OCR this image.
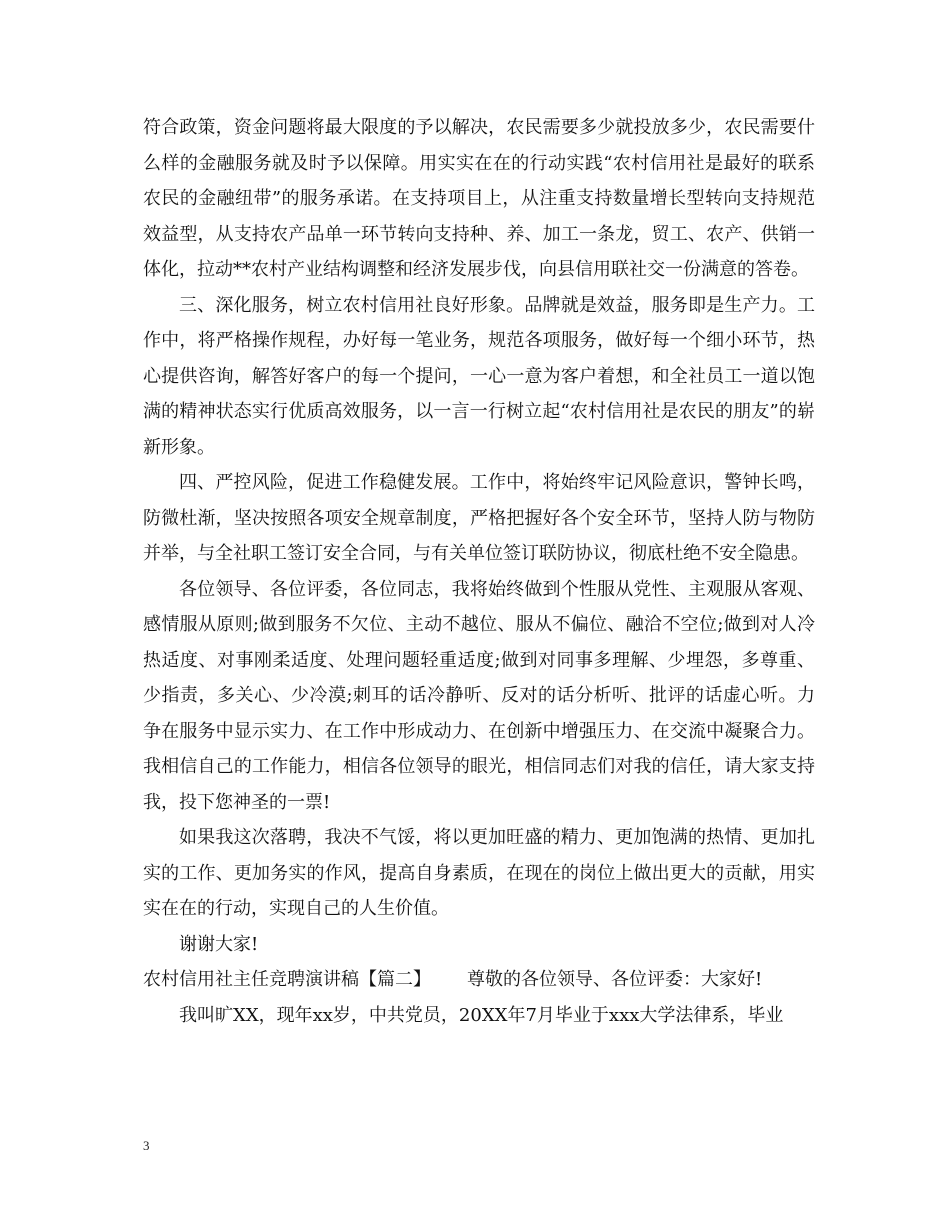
符合政策，资金问题将最大限度的予以解决，农民需要多少就投放多少，农民需要什么样的金融服务就及时予以保障。用实实在在的行动实践“农村信用社是最好的联系农民的金融纽带”的服务承诺。在支持项目上，从注重支持数量增长型转向支持规范效益型，从支持农产品单一环节转向支持种、养、加工一条龙，贸工、农产、供销一体化，拉动**农村产业结构调整和经济发展步伐，向县信用联社交一份满意的答卷。

三、深化服务，树立农村信用社良好形象。品牌就是效益，服务即是生产力。工作中，将严格操作规程，办好每一笔业务，规范各项服务，做好每一个细小环节，热心提供咨询，解答好客户的每一个提问，一心一意为客户着想，和全社员工一道以饱满的精神状态实行优质高效服务，以一言一行树立起“农村信用社是农民的朋友”的崭新形象。

四、严控风险，促进工作稳健发展。工作中，将始终牢记风险意识，警钟长鸣，防微杜渐，坚决按照各项安全规章制度，严格把握好各个安全环节，坚持人防与物防并举，与全社职工签订安全合同，与有关单位签订联防协议，彻底杜绝不安全隐患。

各位领导、各位评委，各位同志，我将始终做到个性服从党性、主观服从客观、感情服从原则;做到服务不欠位、主动不越位、服从不偏位、融洽不空位;做到对人冷热适度、对事刚柔适度、处理问题轻重适度;做到对同事多理解、少埋怨，多尊重、少指责，多关心、少冷漠;刺耳的话冷静听、反对的话分析听、批评的话虚心听。力争在服务中显示实力、在工作中形成动力、在创新中增强压力、在交流中凝聚合力。我相信自己的工作能力，相信各位领导的眼光，相信同志们对我的信任，请大家支持我，投下您神圣的一票!

如果我这次落聘，我决不气馁，将以更加旺盛的精力、更加饱满的热情、更加扎实的工作、更加务实的作风，提高自身素质，在现在的岗位上做出更大的贡献，用实实在在的行动，实现自己的人生价值。

谢谢大家!

农村信用社主任竞聘演讲稿【篇二】 尊敬的各位领导、各位评委：大家好!

我叫旷XX，现年xx岁，中共党员，20XX年7月毕业于xxx大学法律系，毕业

3
